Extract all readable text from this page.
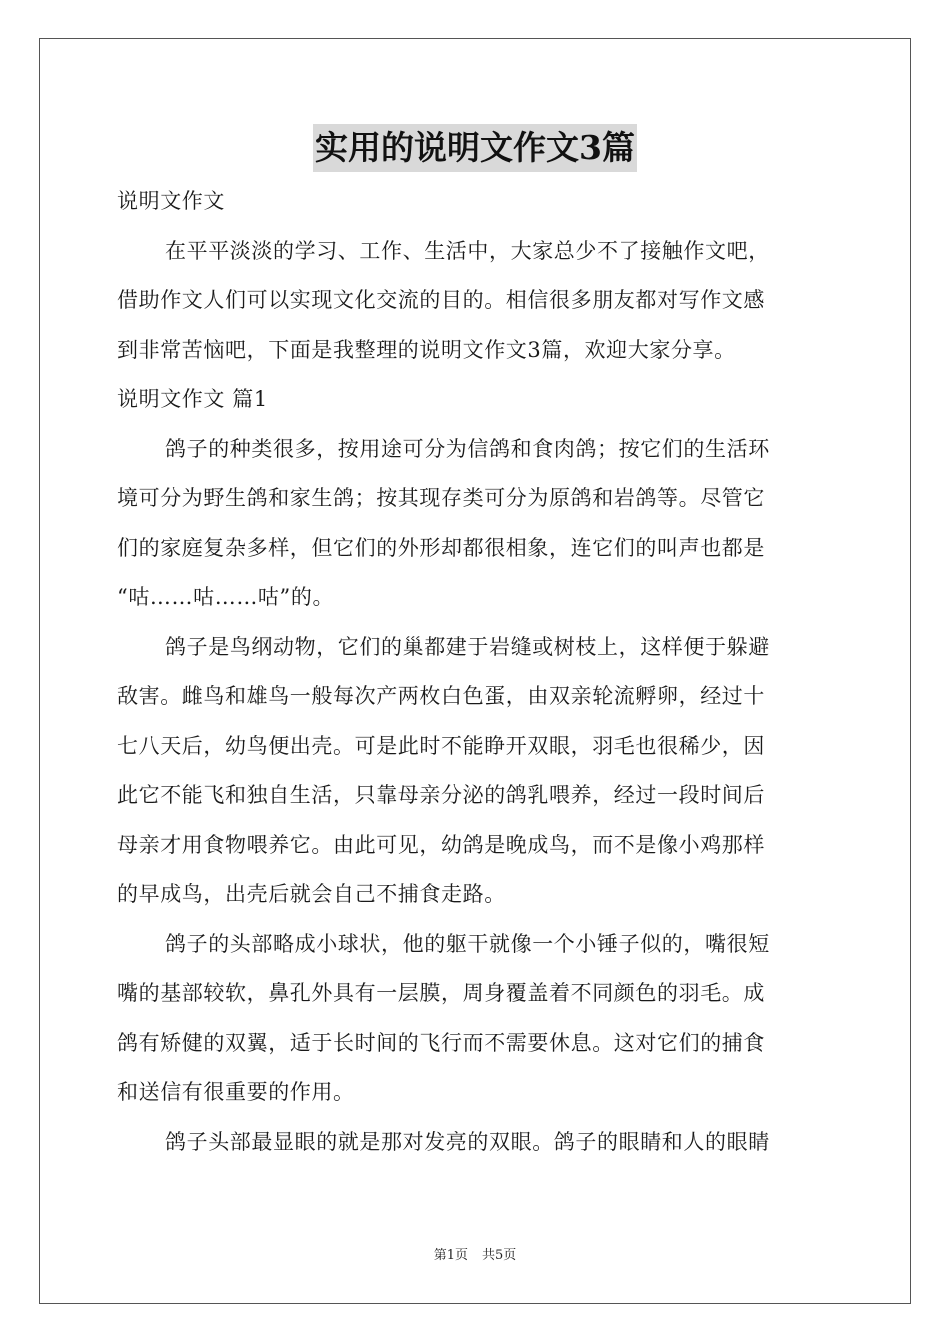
实用的说明文作文3篇
说明文作文
在平平淡淡的学习、工作、生活中，大家总少不了接触作文吧，
借助作文人们可以实现文化交流的目的。相信很多朋友都对写作文感
到非常苦恼吧，下面是我整理的说明文作文3篇，欢迎大家分享。
说明文作文 篇1
鸽子的种类很多，按用途可分为信鸽和食肉鸽；按它们的生活环
境可分为野生鸽和家生鸽；按其现存类可分为原鸽和岩鸽等。尽管它
们的家庭复杂多样，但它们的外形却都很相象，连它们的叫声也都是
“咕……咕……咕”的。
鸽子是鸟纲动物，它们的巢都建于岩缝或树枝上，这样便于躲避
敌害。雌鸟和雄鸟一般每次产两枚白色蛋，由双亲轮流孵卵，经过十
七八天后，幼鸟便出壳。可是此时不能睁开双眼，羽毛也很稀少，因
此它不能飞和独自生活，只靠母亲分泌的鸽乳喂养，经过一段时间后
母亲才用食物喂养它。由此可见，幼鸽是晚成鸟，而不是像小鸡那样
的早成鸟，出壳后就会自己不捕食走路。
鸽子的头部略成小球状，他的躯干就像一个小锤子似的，嘴很短
嘴的基部较软，鼻孔外具有一层膜，周身覆盖着不同颜色的羽毛。成
鸽有矫健的双翼，适于长时间的飞行而不需要休息。这对它们的捕食
和送信有很重要的作用。
鸽子头部最显眼的就是那对发亮的双眼。鸽子的眼睛和人的眼睛
第1页 共5页
